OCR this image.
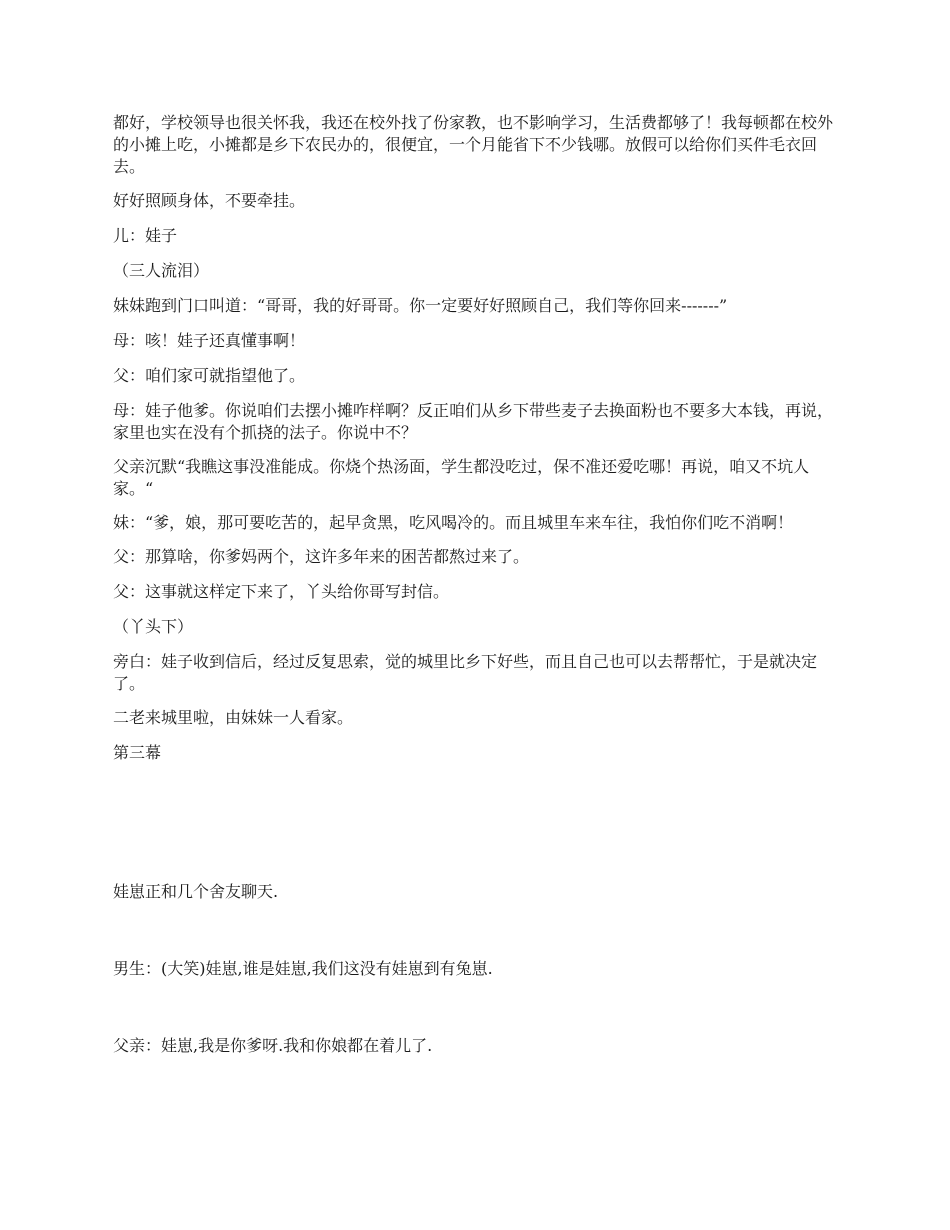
都好，学校领导也很关怀我，我还在校外找了份家教，也不影响学习，生活费都够了！我每顿都在校外的小摊上吃，小摊都是乡下农民办的，很便宜，一个月能省下不少钱哪。放假可以给你们买件毛衣回去。

好好照顾身体，不要牵挂。

儿：娃子

（三人流泪）

妹妹跑到门口叫道：“哥哥，我的好哥哥。你一定要好好照顾自己，我们等你回来-------”

母：咳！娃子还真懂事啊！

父：咱们家可就指望他了。

母：娃子他爹。你说咱们去摆小摊咋样啊？反正咱们从乡下带些麦子去换面粉也不要多大本钱，再说，家里也实在没有个抓挠的法子。你说中不？

父亲沉默“我瞧这事没准能成。你烧个热汤面，学生都没吃过，保不准还爱吃哪！再说，咱又不坑人家。“

妹：“爹，娘，那可要吃苦的，起早贪黑，吃风喝冷的。而且城里车来车往，我怕你们吃不消啊！

父：那算啥，你爹妈两个，这许多年来的困苦都熬过来了。

父：这事就这样定下来了，丫头给你哥写封信。

（丫头下）

旁白：娃子收到信后，经过反复思索，觉的城里比乡下好些，而且自己也可以去帮帮忙，于是就决定了。

二老来城里啦，由妹妹一人看家。

第三幕

娃崽正和几个舍友聊天.

男生：(大笑)娃崽,谁是娃崽,我们这没有娃崽到有兔崽.

父亲：娃崽,我是你爹呀.我和你娘都在着儿了.
